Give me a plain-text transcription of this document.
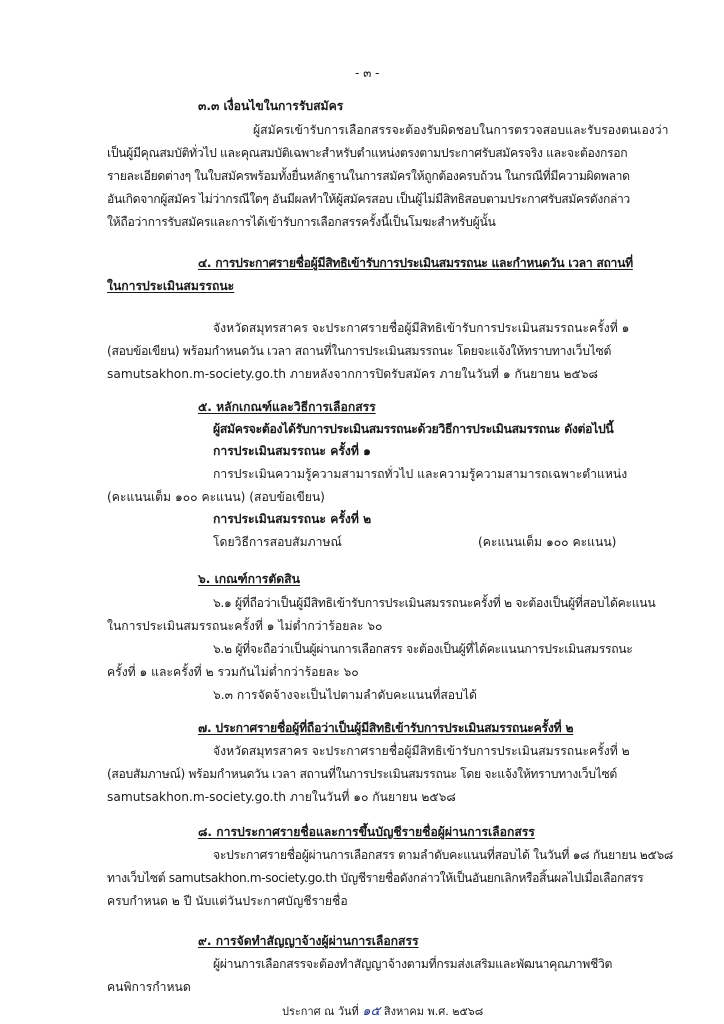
- ๓ -
๓.๓ เงื่อนไขในการรับสมัคร
ผู้สมัครเข้ารับการเลือกสรรจะต้องรับผิดชอบในการตรวจสอบและรับรองตนเองว่า
เป็นผู้มีคุณสมบัติทั่วไป และคุณสมบัติเฉพาะสำหรับตำแหน่งตรงตามประกาศรับสมัครจริง และจะต้องกรอก
รายละเอียดต่างๆ ในใบสมัครพร้อมทั้งยื่นหลักฐานในการสมัครให้ถูกต้องครบถ้วน ในกรณีที่มีความผิดพลาด
อันเกิดจากผู้สมัคร ไม่ว่ากรณีใดๆ อันมีผลทำให้ผู้สมัครสอบ เป็นผู้ไม่มีสิทธิสอบตามประกาศรับสมัครดังกล่าว
ให้ถือว่าการรับสมัครและการได้เข้ารับการเลือกสรรครั้งนี้เป็นโมฆะสำหรับผู้นั้น
๔. การประกาศรายชื่อผู้มีสิทธิเข้ารับการประเมินสมรรถนะ และกำหนดวัน เวลา สถานที่
ในการประเมินสมรรถนะ
จังหวัดสมุทรสาคร จะประกาศรายชื่อผู้มีสิทธิเข้ารับการประเมินสมรรถนะครั้งที่ ๑
(สอบข้อเขียน) พร้อมกำหนดวัน เวลา สถานที่ในการประเมินสมรรถนะ โดยจะแจ้งให้ทราบทางเว็บไซต์
samutsakhon.m-society.go.th ภายหลังจากการปิดรับสมัคร ภายในวันที่ ๑ กันยายน ๒๕๖๘
๕. หลักเกณฑ์และวิธีการเลือกสรร
ผู้สมัครจะต้องได้รับการประเมินสมรรถนะด้วยวิธีการประเมินสมรรถนะ ดังต่อไปนี้
การประเมินสมรรถนะ ครั้งที่ ๑
การประเมินความรู้ความสามารถทั่วไป และความรู้ความสามารถเฉพาะตำแหน่ง
(คะแนนเต็ม ๑๐๐ คะแนน) (สอบข้อเขียน)
การประเมินสมรรถนะ ครั้งที่ ๒
โดยวิธีการสอบสัมภาษณ์	(คะแนนเต็ม ๑๐๐ คะแนน)
๖. เกณฑ์การตัดสิน
๖.๑ ผู้ที่ถือว่าเป็นผู้มีสิทธิเข้ารับการประเมินสมรรถนะครั้งที่ ๒ จะต้องเป็นผู้ที่สอบได้คะแนน
ในการประเมินสมรรถนะครั้งที่ ๑ ไม่ต่ำกว่าร้อยละ ๖๐
๖.๒ ผู้ที่จะถือว่าเป็นผู้ผ่านการเลือกสรร จะต้องเป็นผู้ที่ได้คะแนนการประเมินสมรรถนะ
ครั้งที่ ๑ และครั้งที่ ๒ รวมกันไม่ต่ำกว่าร้อยละ ๖๐
๖.๓ การจัดจ้างจะเป็นไปตามลำดับคะแนนที่สอบได้
๗. ประกาศรายชื่อผู้ที่ถือว่าเป็นผู้มีสิทธิเข้ารับการประเมินสมรรถนะครั้งที่ ๒
จังหวัดสมุทรสาคร จะประกาศรายชื่อผู้มีสิทธิเข้ารับการประเมินสมรรถนะครั้งที่ ๒
(สอบสัมภาษณ์) พร้อมกำหนดวัน เวลา สถานที่ในการประเมินสมรรถนะ โดย จะแจ้งให้ทราบทางเว็บไซต์
samutsakhon.m-society.go.th ภายในวันที่ ๑๐ กันยายน ๒๕๖๘
๘. การประกาศรายชื่อและการขึ้นบัญชีรายชื่อผู้ผ่านการเลือกสรร
จะประกาศรายชื่อผู้ผ่านการเลือกสรร ตามลำดับคะแนนที่สอบได้ ในวันที่ ๑๘ กันยายน ๒๕๖๘
ทางเว็บไซต์ samutsakhon.m-society.go.th บัญชีรายชื่อดังกล่าวให้เป็นอันยกเลิกหรือสิ้นผลไปเมื่อเลือกสรร
ครบกำหนด ๒ ปี นับแต่วันประกาศบัญชีรายชื่อ
๙. การจัดทำสัญญาจ้างผู้ผ่านการเลือกสรร
ผู้ผ่านการเลือกสรรจะต้องทำสัญญาจ้างตามที่กรมส่งเสริมและพัฒนาคุณภาพชีวิต
คนพิการกำหนด
ประกาศ ณ วันที่ ๑๕ สิงหาคม พ.ศ. ๒๕๖๘
